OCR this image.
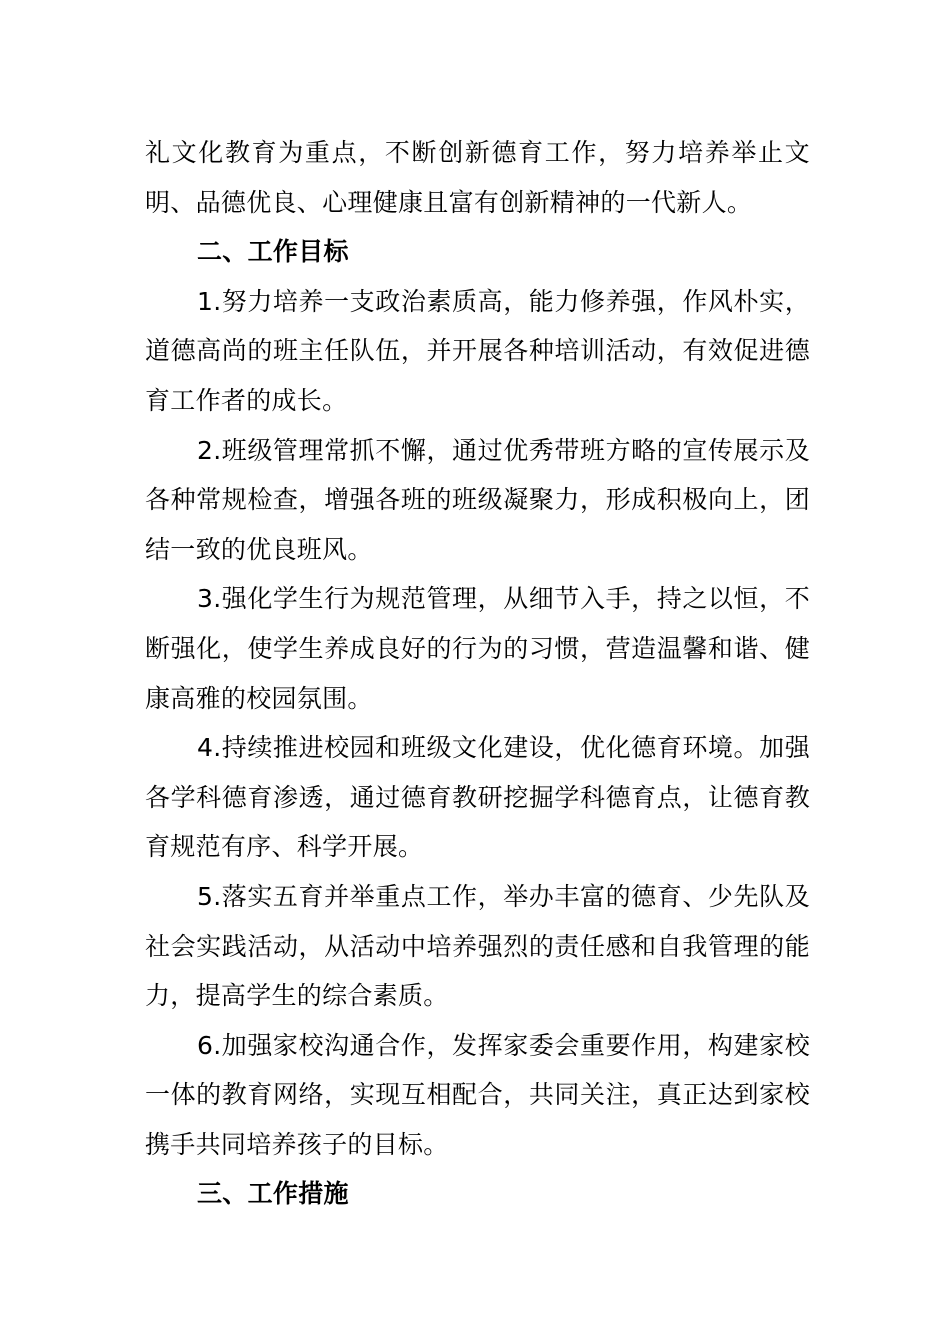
礼文化教育为重点，不断创新德育工作，努力培养举止文明、品德优良、心理健康且富有创新精神的一代新人。

二、工作目标

1.努力培养一支政治素质高，能力修养强，作风朴实，道德高尚的班主任队伍，并开展各种培训活动，有效促进德育工作者的成长。

2.班级管理常抓不懈，通过优秀带班方略的宣传展示及各种常规检查，增强各班的班级凝聚力，形成积极向上，团结一致的优良班风。

3.强化学生行为规范管理，从细节入手，持之以恒，不断强化，使学生养成良好的行为的习惯，营造温馨和谐、健康高雅的校园氛围。

4.持续推进校园和班级文化建设，优化德育环境。加强各学科德育渗透，通过德育教研挖掘学科德育点，让德育教育规范有序、科学开展。

5.落实五育并举重点工作，举办丰富的德育、少先队及社会实践活动，从活动中培养强烈的责任感和自我管理的能力，提高学生的综合素质。

6.加强家校沟通合作，发挥家委会重要作用，构建家校一体的教育网络，实现互相配合，共同关注，真正达到家校携手共同培养孩子的目标。

三、工作措施
